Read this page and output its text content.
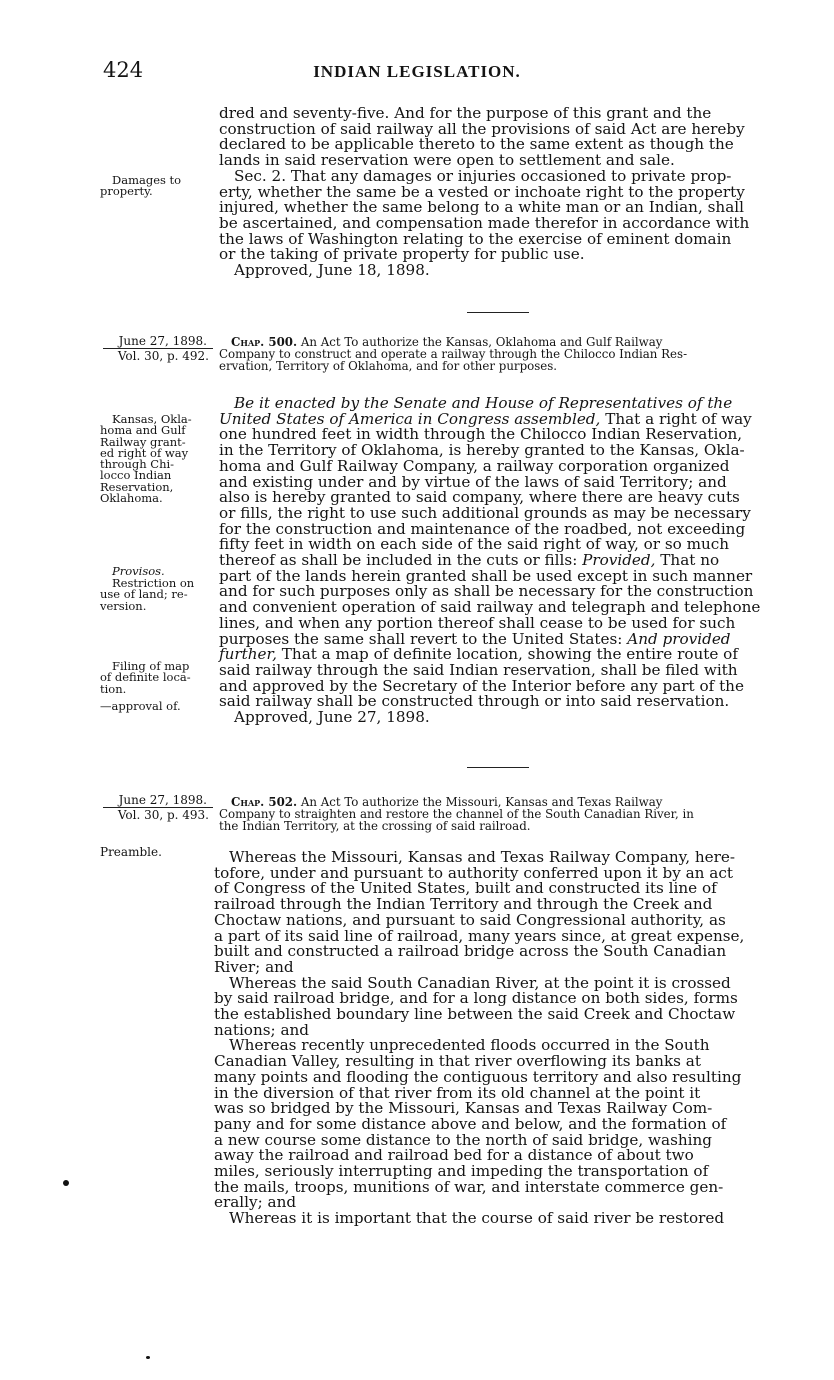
424	INDIAN LEGISLATION.

dred and seventy-five. And for the purpose of this grant and the

construction of said railway all the provisions of said Act are hereby

declared to be applicable thereto to the same extent as though the

lands in said reservation were open to settlement and sale.

Sec. 2. That any damages or injuries occasioned to private prop-

erty, whether the same be a vested or inchoate right to the property

injured, whether the same belong to a white man or an Indian, shall

be ascertained, and compensation made therefor in accordance with

the laws of Washington relating to the exercise of eminent domain

or the taking of private property for public use.

Approved, June 18, 1898.

Damages to
property.
June 27, 1898.
Vol. 30, p. 492.
Chap. 500. An Act To authorize the Kansas, Oklahoma and Gulf Railway
Company to construct and operate a railway through the Chilocco Indian Res-
ervation, Territory of Oklahoma, and for other purposes.

Be it enacted by the Senate and House of Representatives of the

United States of America in Congress assembled, That a right of way

one hundred feet in width through the Chilocco Indian Reservation,

in the Territory of Oklahoma, is hereby granted to the Kansas, Okla-

homa and Gulf Railway Company, a railway corporation organized

and existing under and by virtue of the laws of said Territory; and

also is hereby granted to said company, where there are heavy cuts

or fills, the right to use such additional grounds as may be necessary

for the construction and maintenance of the roadbed, not exceeding

fifty feet in width on each side of the said right of way, or so much

thereof as shall be included in the cuts or fills: Provided, That no

part of the lands herein granted shall be used except in such manner

and for such purposes only as shall be necessary for the construction

and convenient operation of said railway and telegraph and telephone

lines, and when any portion thereof shall cease to be used for such

purposes the same shall revert to the United States: And provided

further, That a map of definite location, showing the entire route of

said railway through the said Indian reservation, shall be filed with

and approved by the Secretary of the Interior before any part of the

said railway shall be constructed through or into said reservation.

Approved, June 27, 1898.

Kansas, Okla-
homa and Gulf
Railway grant-
ed right of way
through Chi-
locco Indian
Reservation,
Oklahoma.
Provisos.
Restriction on
use of land; re-
version.
Filing of map
of definite loca-
tion.
—approval of.
June 27, 1898.
Vol. 30, p. 493.
Chap. 502. An Act To authorize the Missouri, Kansas and Texas Railway
Company to straighten and restore the channel of the South Canadian River, in
the Indian Territory, at the crossing of said railroad.
Preamble.	Whereas the Missouri, Kansas and Texas Railway Company, here-

tofore, under and pursuant to authority conferred upon it by an act

of Congress of the United States, built and constructed its line of

railroad through the Indian Territory and through the Creek and

Choctaw nations, and pursuant to said Congressional authority, as

a part of its said line of railroad, many years since, at great expense,

built and constructed a railroad bridge across the South Canadian

River; and

Whereas the said South Canadian River, at the point it is crossed

by said railroad bridge, and for a long distance on both sides, forms

the established boundary line between the said Creek and Choctaw

nations; and

Whereas recently unprecedented floods occurred in the South

Canadian Valley, resulting in that river overflowing its banks at

many points and flooding the contiguous territory and also resulting

in the diversion of that river from its old channel at the point it

was so bridged by the Missouri, Kansas and Texas Railway Com-

pany and for some distance above and below, and the formation of

a new course some distance to the north of said bridge, washing

away the railroad and railroad bed for a distance of about two

miles, seriously interrupting and impeding the transportation of

the mails, troops, munitions of war, and interstate commerce gen-

erally; and

Whereas it is important that the course of said river be restored
